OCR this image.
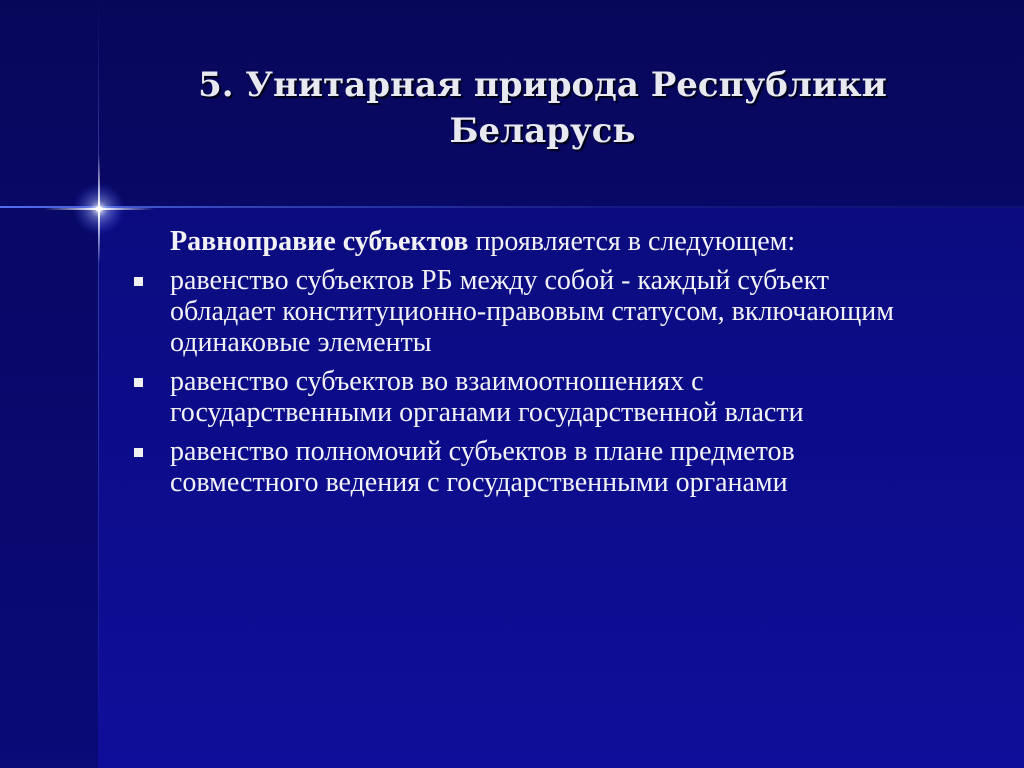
5. Унитарная природа Республики Беларусь

Равноправие субъектов проявляется в следующем:

равенство субъектов РБ между собой - каждый субъект обладает конституционно-правовым статусом, включающим одинаковые элементы
равенство субъектов во взаимоотношениях с государственными органами государственной власти
равенство полномочий субъектов в плане предметов совместного ведения с государственными органами
